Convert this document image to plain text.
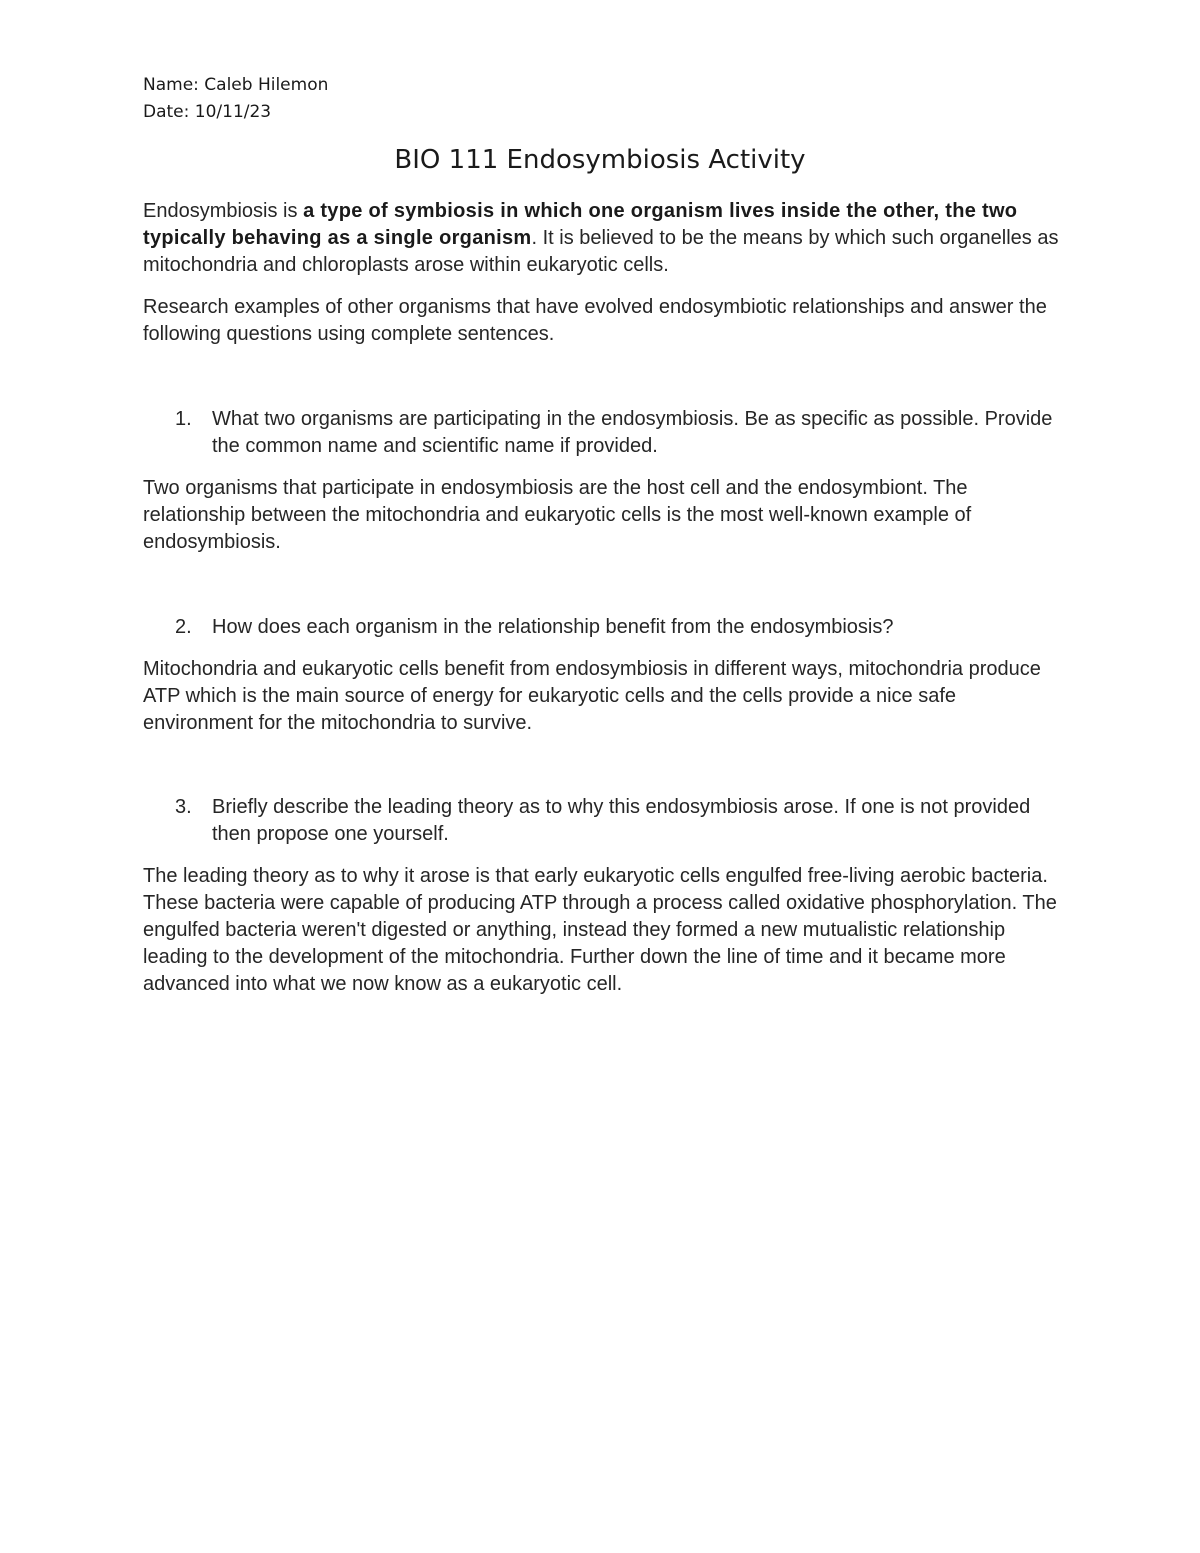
Name: Caleb Hilemon
Date: 10/11/23
BIO 111 Endosymbiosis Activity

Endosymbiosis is a type of symbiosis in which one organism lives inside the other, the two typically behaving as a single organism. It is believed to be the means by which such organelles as mitochondria and chloroplasts arose within eukaryotic cells.

Research examples of other organisms that have evolved endosymbiotic relationships and answer the following questions using complete sentences.

1.	What two organisms are participating in the endosymbiosis. Be as specific as possible. Provide the common name and scientific name if provided.

Two organisms that participate in endosymbiosis are the host cell and the endosymbiont. The relationship between the mitochondria and eukaryotic cells is the most well-known example of endosymbiosis.

2.	How does each organism in the relationship benefit from the endosymbiosis?

Mitochondria and eukaryotic cells benefit from endosymbiosis in different ways, mitochondria produce ATP which is the main source of energy for eukaryotic cells and the cells provide a nice safe environment for the mitochondria to survive.

3.	Briefly describe the leading theory as to why this endosymbiosis arose. If one is not provided then propose one yourself.

The leading theory as to why it arose is that early eukaryotic cells engulfed free-living aerobic bacteria. These bacteria were capable of producing ATP through a process called oxidative phosphorylation. The engulfed bacteria weren't digested or anything, instead they formed a new mutualistic relationship leading to the development of the mitochondria. Further down the line of time and it became more advanced into what we now know as a eukaryotic cell.
